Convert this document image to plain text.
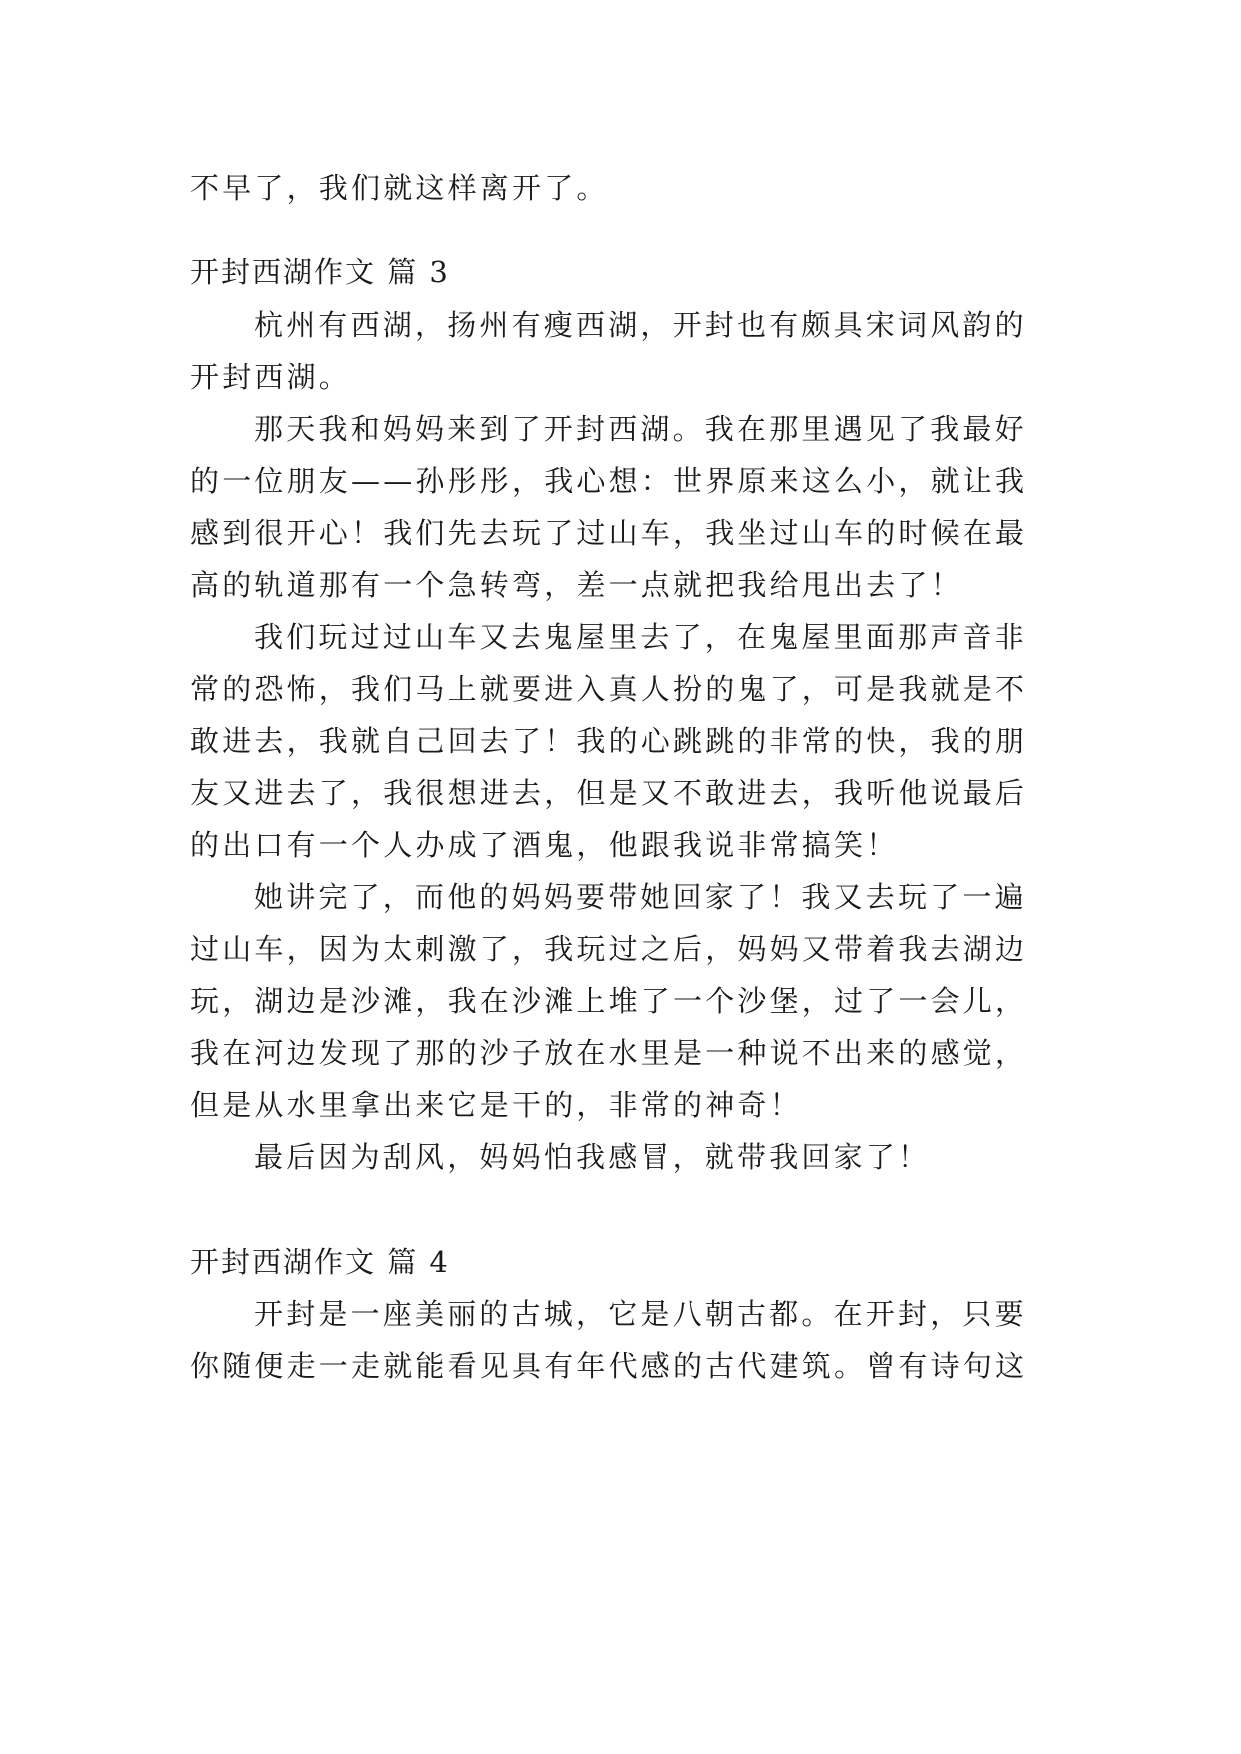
不早了，我们就这样离开了。

开封西湖作文 篇 3

杭州有西湖，扬州有瘦西湖，开封也有颇具宋词风韵的

开封西湖。

那天我和妈妈来到了开封西湖。我在那里遇见了我最好

的一位朋友——孙彤彤，我心想：世界原来这么小，就让我

感到很开心！我们先去玩了过山车，我坐过山车的时候在最

高的轨道那有一个急转弯，差一点就把我给甩出去了！

我们玩过过山车又去鬼屋里去了，在鬼屋里面那声音非

常的恐怖，我们马上就要进入真人扮的鬼了，可是我就是不

敢进去，我就自己回去了！我的心跳跳的非常的快，我的朋

友又进去了，我很想进去，但是又不敢进去，我听他说最后

的出口有一个人办成了酒鬼，他跟我说非常搞笑！

她讲完了，而他的妈妈要带她回家了！我又去玩了一遍

过山车，因为太刺激了，我玩过之后，妈妈又带着我去湖边

玩，湖边是沙滩，我在沙滩上堆了一个沙堡，过了一会儿，

我在河边发现了那的沙子放在水里是一种说不出来的感觉，

但是从水里拿出来它是干的，非常的神奇！

最后因为刮风，妈妈怕我感冒，就带我回家了！

开封西湖作文 篇 4

开封是一座美丽的古城，它是八朝古都。在开封，只要

你随便走一走就能看见具有年代感的古代建筑。曾有诗句这
